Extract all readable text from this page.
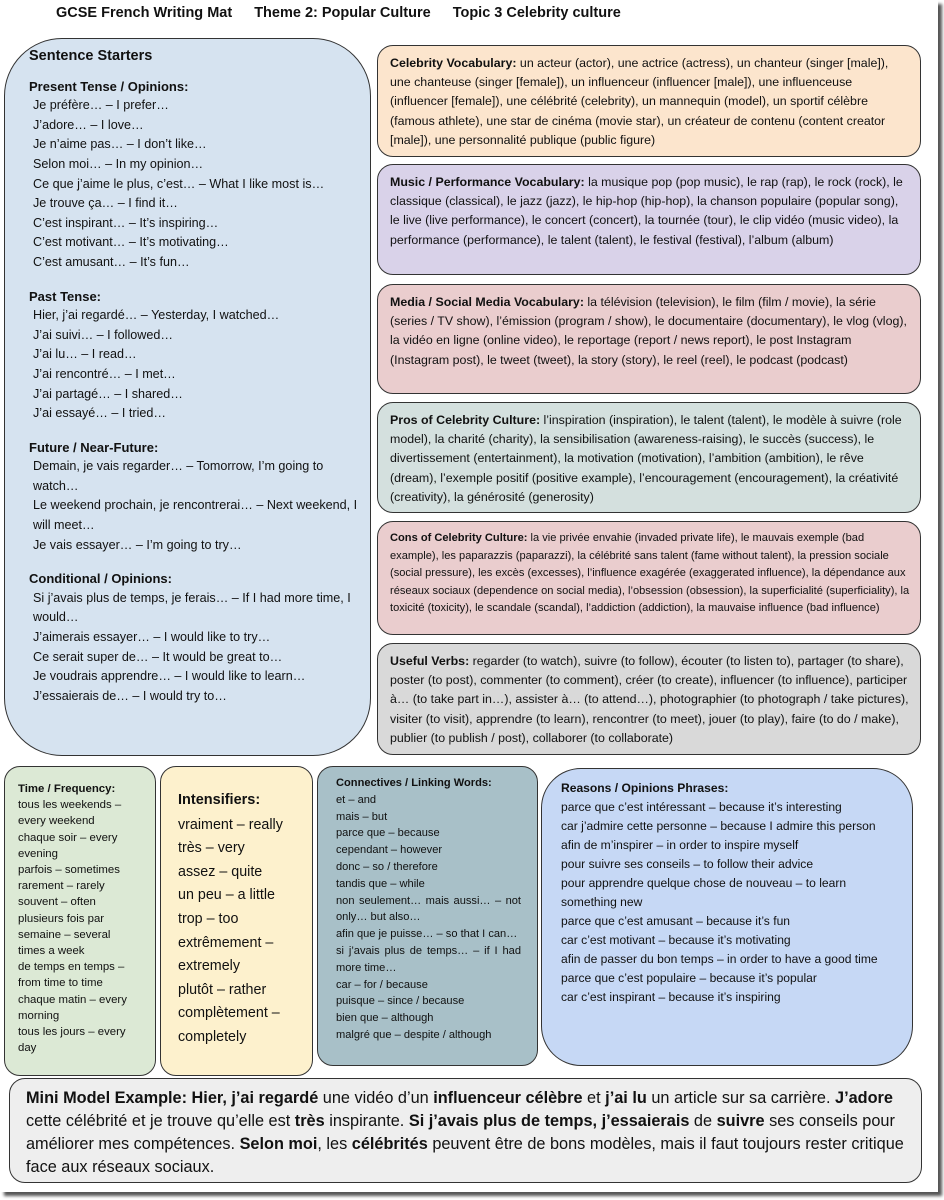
GCSE French Writing Mat Theme 2: Popular Culture Topic 3 Celebrity culture
Sentence Starters
Present Tense / Opinions:
Je préfère… – I prefer…
J’adore… – I love…
Je n’aime pas… – I don’t like…
Selon moi… – In my opinion…
Ce que j’aime le plus, c’est… – What I like most is…
Je trouve ça… – I find it…
C’est inspirant… – It’s inspiring…
C’est motivant… – It’s motivating…
C’est amusant… – It’s fun…
Past Tense:
Hier, j’ai regardé… – Yesterday, I watched…
J’ai suivi… – I followed…
J’ai lu… – I read…
J’ai rencontré… – I met…
J’ai partagé… – I shared…
J’ai essayé… – I tried…
Future / Near-Future:
Demain, je vais regarder… – Tomorrow, I’m going to watch…
Le weekend prochain, je rencontrerai… – Next weekend, I will meet…
Je vais essayer… – I’m going to try…
Conditional / Opinions:
Si j’avais plus de temps, je ferais… – If I had more time, I would…
J’aimerais essayer… – I would like to try…
Ce serait super de… – It would be great to…
Je voudrais apprendre… – I would like to learn…
J’essaierais de… – I would try to…
Celebrity Vocabulary: un acteur (actor), une actrice (actress), un chanteur (singer [male]), une chanteuse (singer [female]), un influenceur (influencer [male]), une influenceuse (influencer [female]), une célébrité (celebrity), un mannequin (model), un sportif célèbre (famous athlete), une star de cinéma (movie star), un créateur de contenu (content creator [male]), une personnalité publique (public figure)
Music / Performance Vocabulary: la musique pop (pop music), le rap (rap), le rock (rock), le classique (classical), le jazz (jazz), le hip-hop (hip-hop), la chanson populaire (popular song), le live (live performance), le concert (concert), la tournée (tour), le clip vidéo (music video), la performance (performance), le talent (talent), le festival (festival), l’album (album)
Media / Social Media Vocabulary: la télévision (television), le film (film / movie), la série (series / TV show), l’émission (program / show), le documentaire (documentary), le vlog (vlog), la vidéo en ligne (online video), le reportage (report / news report), le post Instagram (Instagram post), le tweet (tweet), la story (story), le reel (reel), le podcast (podcast)
Pros of Celebrity Culture: l’inspiration (inspiration), le talent (talent), le modèle à suivre (role model), la charité (charity), la sensibilisation (awareness-raising), le succès (success), le divertissement (entertainment), la motivation (motivation), l’ambition (ambition), le rêve (dream), l’exemple positif (positive example), l’encouragement (encouragement), la créativité (creativity), la générosité (generosity)
Cons of Celebrity Culture: la vie privée envahie (invaded private life), le mauvais exemple (bad example), les paparazzis (paparazzi), la célébrité sans talent (fame without talent), la pression sociale (social pressure), les excès (excesses), l’influence exagérée (exaggerated influence), la dépendance aux réseaux sociaux (dependence on social media), l’obsession (obsession), la superficialité (superficiality), la toxicité (toxicity), le scandale (scandal), l’addiction (addiction), la mauvaise influence (bad influence)
Useful Verbs: regarder (to watch), suivre (to follow), écouter (to listen to), partager (to share), poster (to post), commenter (to comment), créer (to create), influencer (to influence), participer à… (to take part in…), assister à… (to attend…), photographier (to photograph / take pictures), visiter (to visit), apprendre (to learn), rencontrer (to meet), jouer (to play), faire (to do / make), publier (to publish / post), collaborer (to collaborate)
Time / Frequency:
tous les weekends –
every weekend
chaque soir – every
evening
parfois – sometimes
rarement – rarely
souvent – often
plusieurs fois par
semaine – several
times a week
de temps en temps –
from time to time
chaque matin – every
morning
tous les jours – every
day
Intensifiers:
vraiment – really
très – very
assez – quite
un peu – a little
trop – too
extrêmement –
extremely
plutôt – rather
complètement –
completely
Connectives / Linking Words:
et – and
mais – but
parce que – because
cependant – however
donc – so / therefore
tandis que – while
non seulement… mais aussi… – not only… but also…
afin que je puisse… – so that I can…
si j’avais plus de temps… – if I had more time…
car – for / because
puisque – since / because
bien que – although
malgré que – despite / although
Reasons / Opinions Phrases:
parce que c’est intéressant – because it’s interesting
car j’admire cette personne – because I admire this person
afin de m’inspirer – in order to inspire myself
pour suivre ses conseils – to follow their advice
pour apprendre quelque chose de nouveau – to learn something new
parce que c’est amusant – because it’s fun
car c’est motivant – because it’s motivating
afin de passer du bon temps – in order to have a good time
parce que c’est populaire – because it’s popular
car c’est inspirant – because it’s inspiring
Mini Model Example: Hier, j’ai regardé une vidéo d’un influenceur célèbre et j’ai lu un article sur sa carrière. J’adore cette célébrité et je trouve qu’elle est très inspirante. Si j’avais plus de temps, j’essaierais de suivre ses conseils pour améliorer mes compétences. Selon moi, les célébrités peuvent être de bons modèles, mais il faut toujours rester critique face aux réseaux sociaux.
